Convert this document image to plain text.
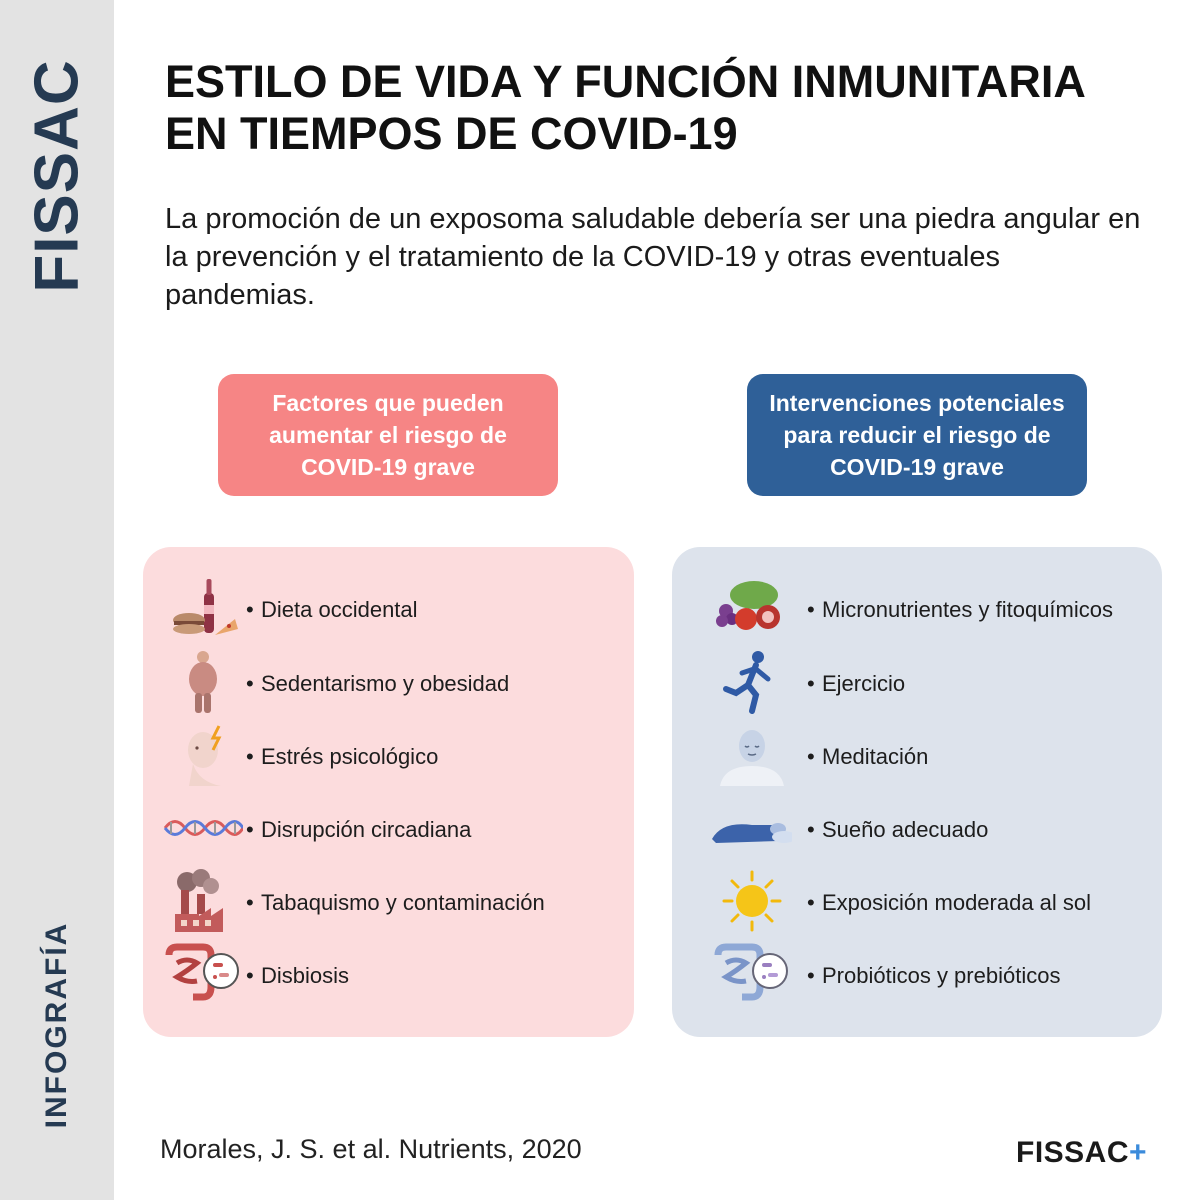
FISSAC
INFOGRAFÍA
ESTILO DE VIDA Y FUNCIÓN INMUNITARIA
EN TIEMPOS DE COVID-19

La promoción de un exposoma saludable debería ser una piedra angular en la prevención y el tratamiento de la COVID-19 y otras eventuales pandemias.

Factores que pueden aumentar el riesgo de COVID-19 grave
Intervenciones potenciales para reducir el riesgo de COVID-19 grave
• Dieta occidental
• Sedentarismo y obesidad
• Estrés psicológico
• Disrupción circadiana
• Tabaquismo y contaminación
• Disbiosis
• Micronutrientes y fitoquímicos
• Ejercicio
• Meditación
• Sueño adecuado
• Exposición moderada al sol
• Probióticos y prebióticos
Morales, J. S. et al. Nutrients, 2020	FISSAC+
